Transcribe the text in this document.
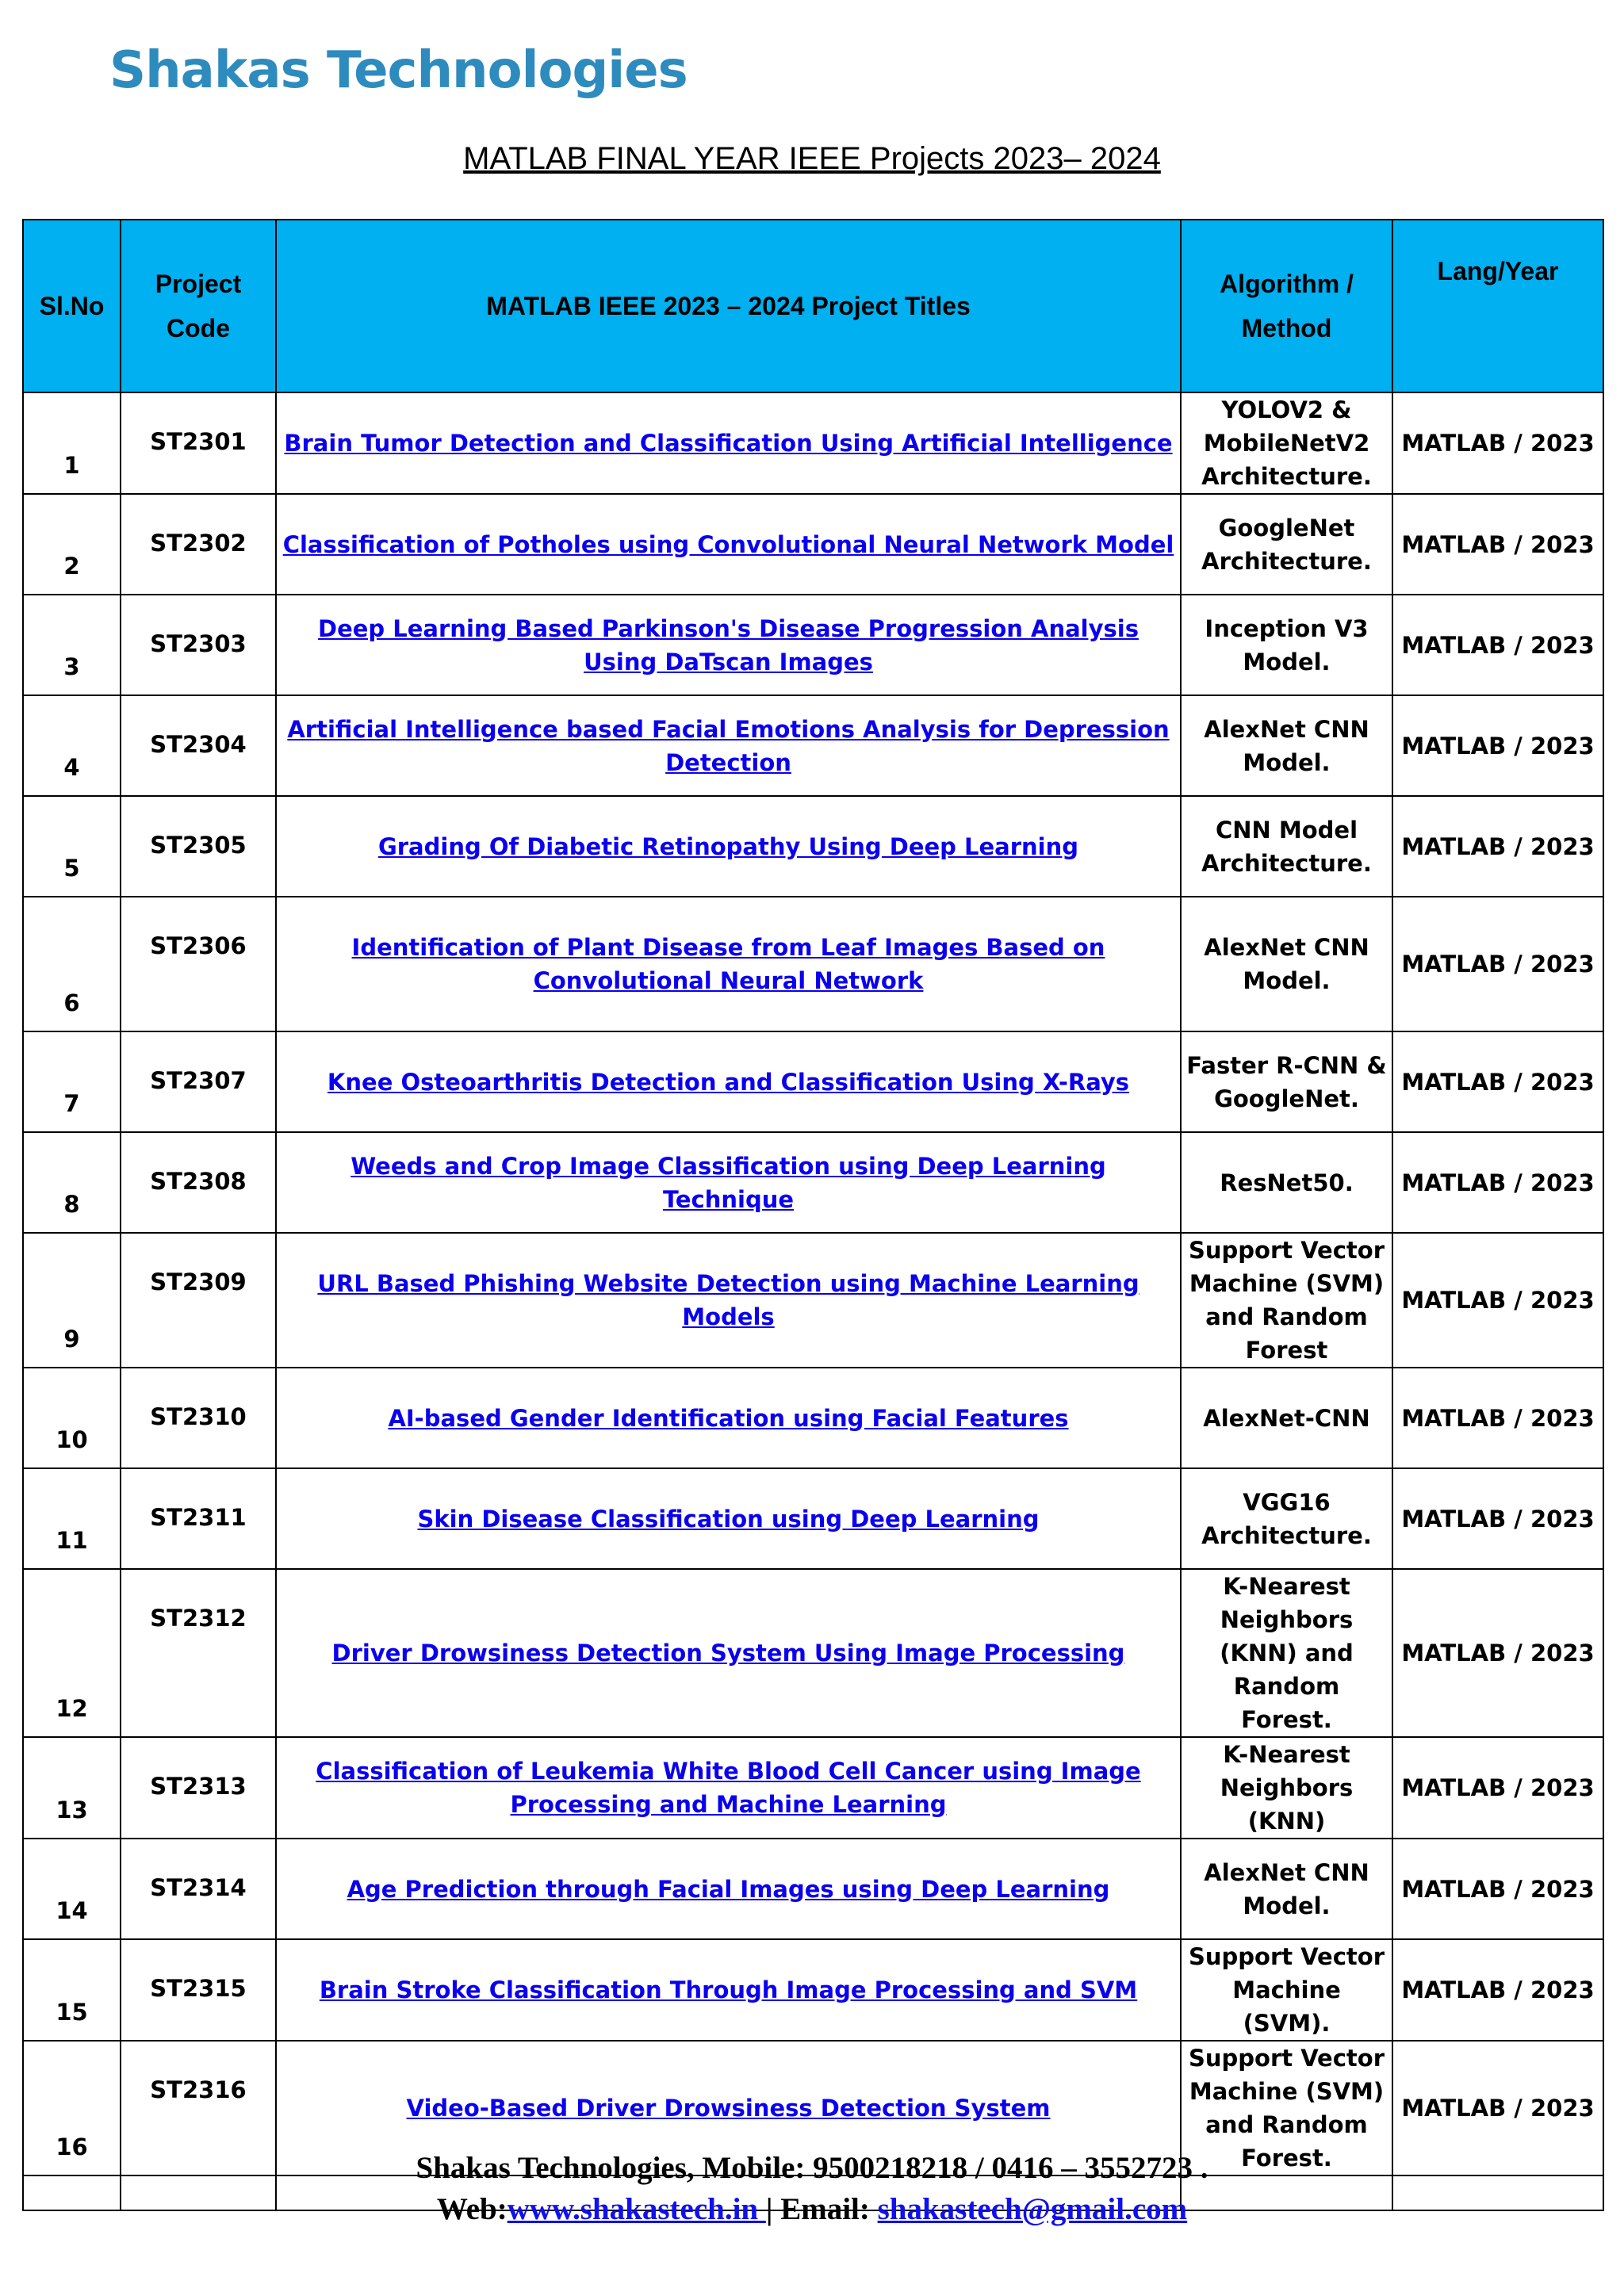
Shakas Technologies
MATLAB FINAL YEAR IEEE Projects 2023– 2024
Sl.No	Project Code	MATLAB IEEE 2023 – 2024 Project Titles	Algorithm / Method	Lang/Year
1	ST2301	Brain Tumor Detection and Classification Using Artificial Intelligence	YOLOV2 & MobileNetV2 Architecture.	MATLAB / 2023
2	ST2302	Classification of Potholes using Convolutional Neural Network Model	GoogleNet Architecture.	MATLAB / 2023
3	ST2303	Deep Learning Based Parkinson's Disease Progression Analysis Using DaTscan Images	Inception V3 Model.	MATLAB / 2023
4	ST2304	Artificial Intelligence based Facial Emotions Analysis for Depression Detection	AlexNet CNN Model.	MATLAB / 2023
5	ST2305	Grading Of Diabetic Retinopathy Using Deep Learning	CNN Model Architecture.	MATLAB / 2023
6	ST2306	Identification of Plant Disease from Leaf Images Based on Convolutional Neural Network	AlexNet CNN Model.	MATLAB / 2023
7	ST2307	Knee Osteoarthritis Detection and Classification Using X-Rays	Faster R-CNN & GoogleNet.	MATLAB / 2023
8	ST2308	Weeds and Crop Image Classification using Deep Learning Technique	ResNet50.	MATLAB / 2023
9	ST2309	URL Based Phishing Website Detection using Machine Learning Models	Support Vector Machine (SVM) and Random Forest	MATLAB / 2023
10	ST2310	AI-based Gender Identification using Facial Features	AlexNet-CNN	MATLAB / 2023
11	ST2311	Skin Disease Classification using Deep Learning	VGG16 Architecture.	MATLAB / 2023
12	ST2312	Driver Drowsiness Detection System Using Image Processing	K-Nearest Neighbors (KNN) and Random Forest.	MATLAB / 2023
13	ST2313	Classification of Leukemia White Blood Cell Cancer using Image Processing and Machine Learning	K-Nearest Neighbors (KNN)	MATLAB / 2023
14	ST2314	Age Prediction through Facial Images using Deep Learning	AlexNet CNN Model.	MATLAB / 2023
15	ST2315	Brain Stroke Classification Through Image Processing and SVM	Support Vector Machine (SVM).	MATLAB / 2023
16	ST2316	Video-Based Driver Drowsiness Detection System	Support Vector Machine (SVM) and Random Forest.	MATLAB / 2023

Shakas Technologies, Mobile: 9500218218 / 0416 – 3552723 .
Web:www.shakastech.in | Email: shakastech@gmail.com
